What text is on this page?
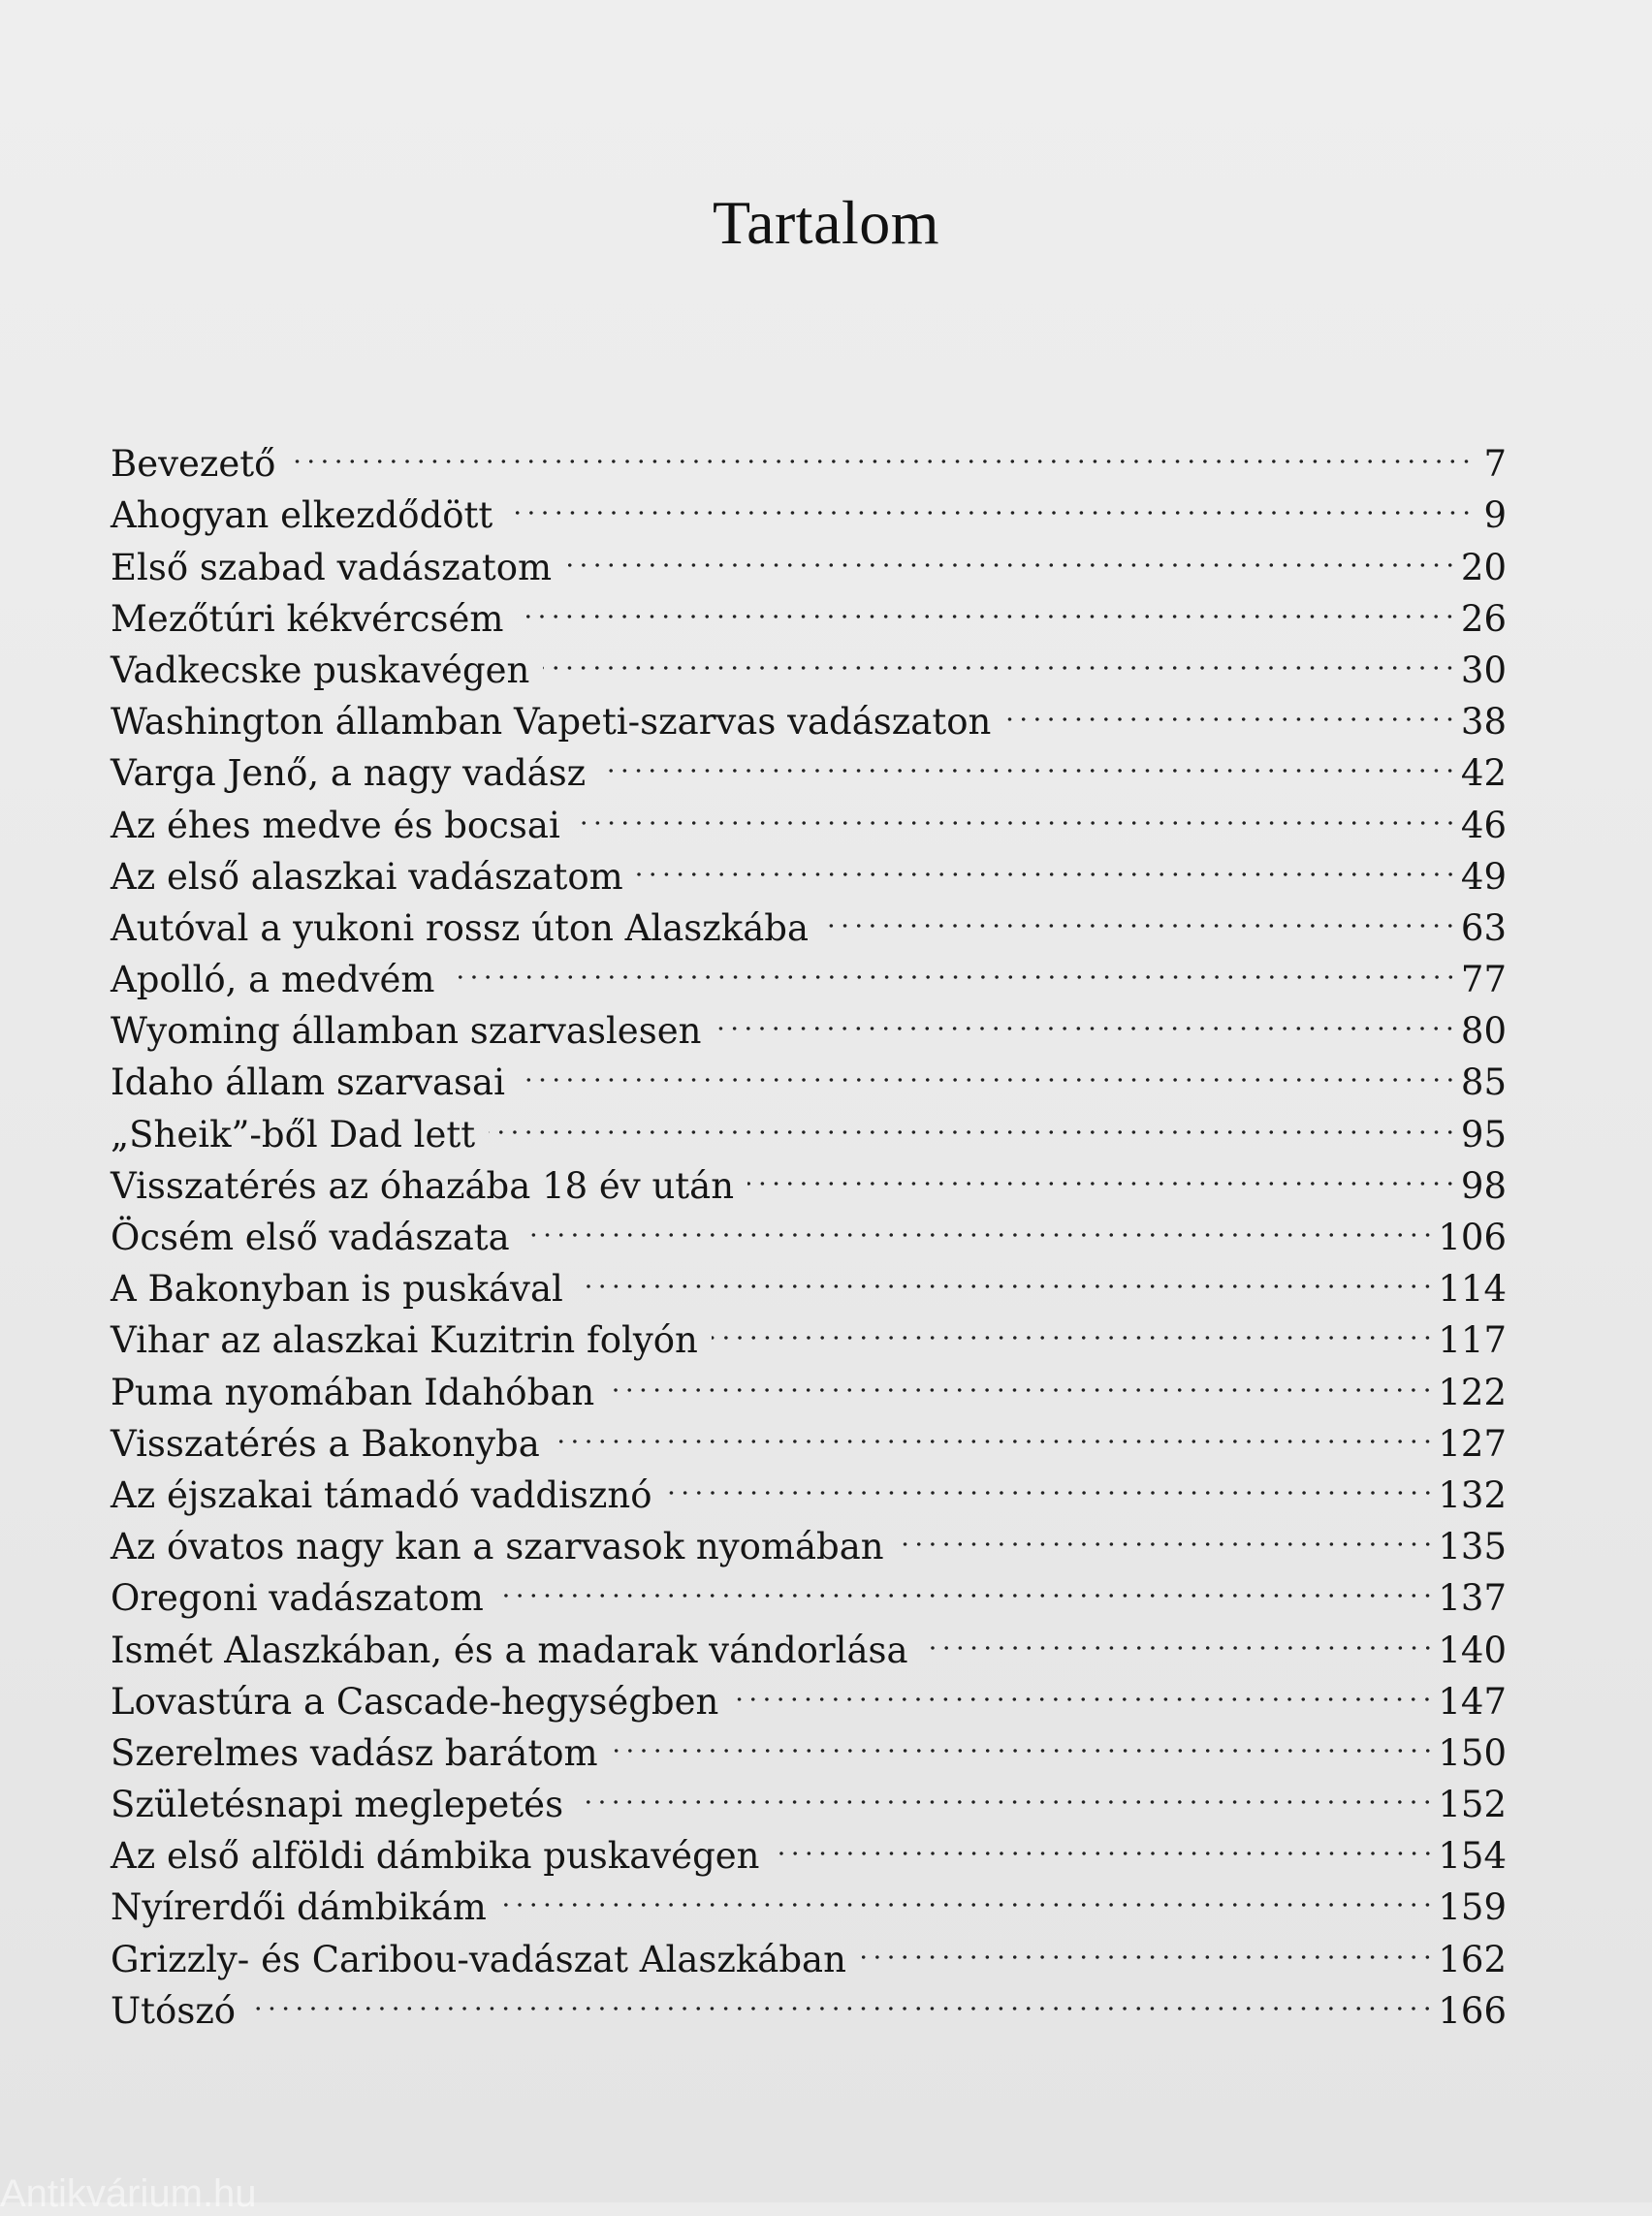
Tartalom
Bevezető	7
Ahogyan elkezdődött	9
Első szabad vadászatom	20
Mezőtúri kékvércsém	26
Vadkecske puskavégen	30
Washington államban Vapeti-szarvas vadászaton	38
Varga Jenő, a nagy vadász	42
Az éhes medve és bocsai	46
Az első alaszkai vadászatom	49
Autóval a yukoni rossz úton Alaszkába	63
Apolló, a medvém	77
Wyoming államban szarvaslesen	80
Idaho állam szarvasai	85
„Sheik”-ből Dad lett	95
Visszatérés az óhazába 18 év után	98
Öcsém első vadászata	106
A Bakonyban is puskával	114
Vihar az alaszkai Kuzitrin folyón	117
Puma nyomában Idahóban	122
Visszatérés a Bakonyba	127
Az éjszakai támadó vaddisznó	132
Az óvatos nagy kan a szarvasok nyomában	135
Oregoni vadászatom	137
Ismét Alaszkában, és a madarak vándorlása	140
Lovastúra a Cascade-hegységben	147
Szerelmes vadász barátom	150
Születésnapi meglepetés	152
Az első alföldi dámbika puskavégen	154
Nyírerdői dámbikám	159
Grizzly- és Caribou-vadászat Alaszkában	162
Utószó	166
Antikvárium.hu
